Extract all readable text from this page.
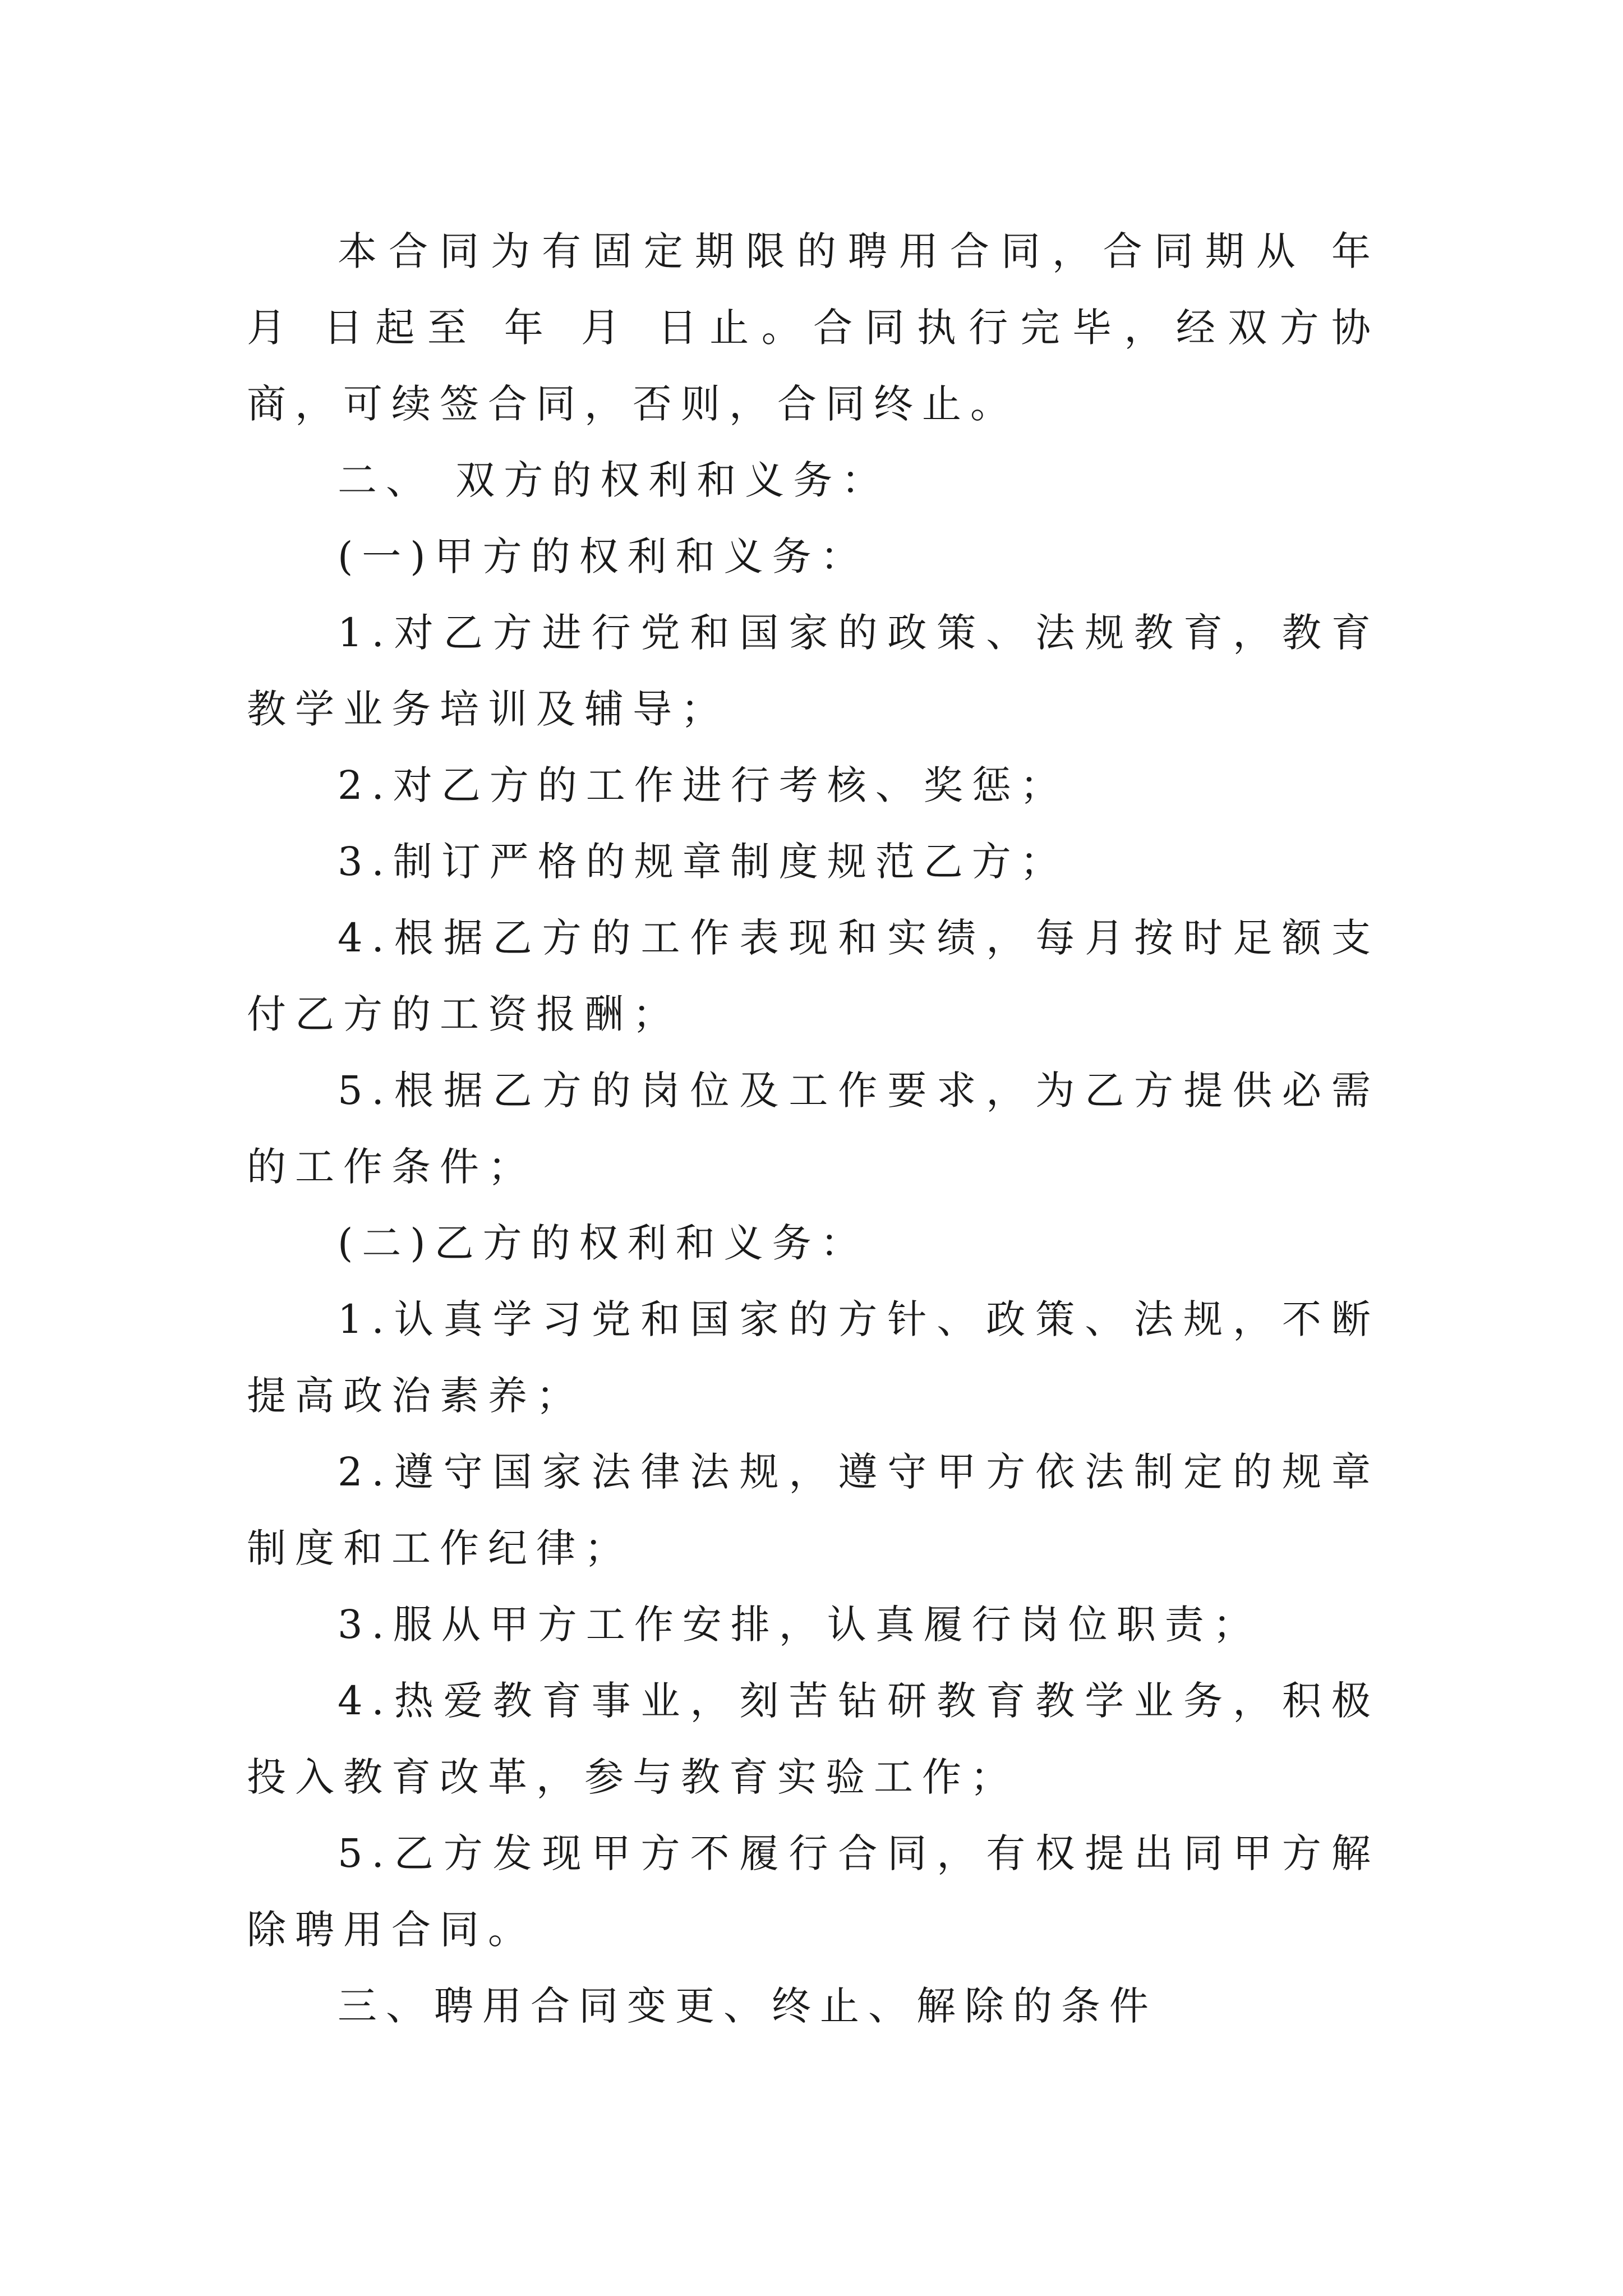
本合同为有固定期限的聘用合同，合同期从 年 月 日起至 年 月 日止。合同执行完毕，经双方协商，可续签合同，否则，合同终止。

二、 双方的权利和义务：

(一)甲方的权利和义务：

1.对乙方进行党和国家的政策、法规教育，教育教学业务培训及辅导；

2.对乙方的工作进行考核、奖惩；

3.制订严格的规章制度规范乙方；

4.根据乙方的工作表现和实绩，每月按时足额支付乙方的工资报酬；

5.根据乙方的岗位及工作要求，为乙方提供必需的工作条件；

(二)乙方的权利和义务：

1.认真学习党和国家的方针、政策、法规，不断提高政治素养；

2.遵守国家法律法规，遵守甲方依法制定的规章制度和工作纪律；

3.服从甲方工作安排，认真履行岗位职责；

4.热爱教育事业，刻苦钻研教育教学业务，积极投入教育改革，参与教育实验工作；

5.乙方发现甲方不履行合同，有权提出同甲方解除聘用合同。

三、聘用合同变更、终止、解除的条件
